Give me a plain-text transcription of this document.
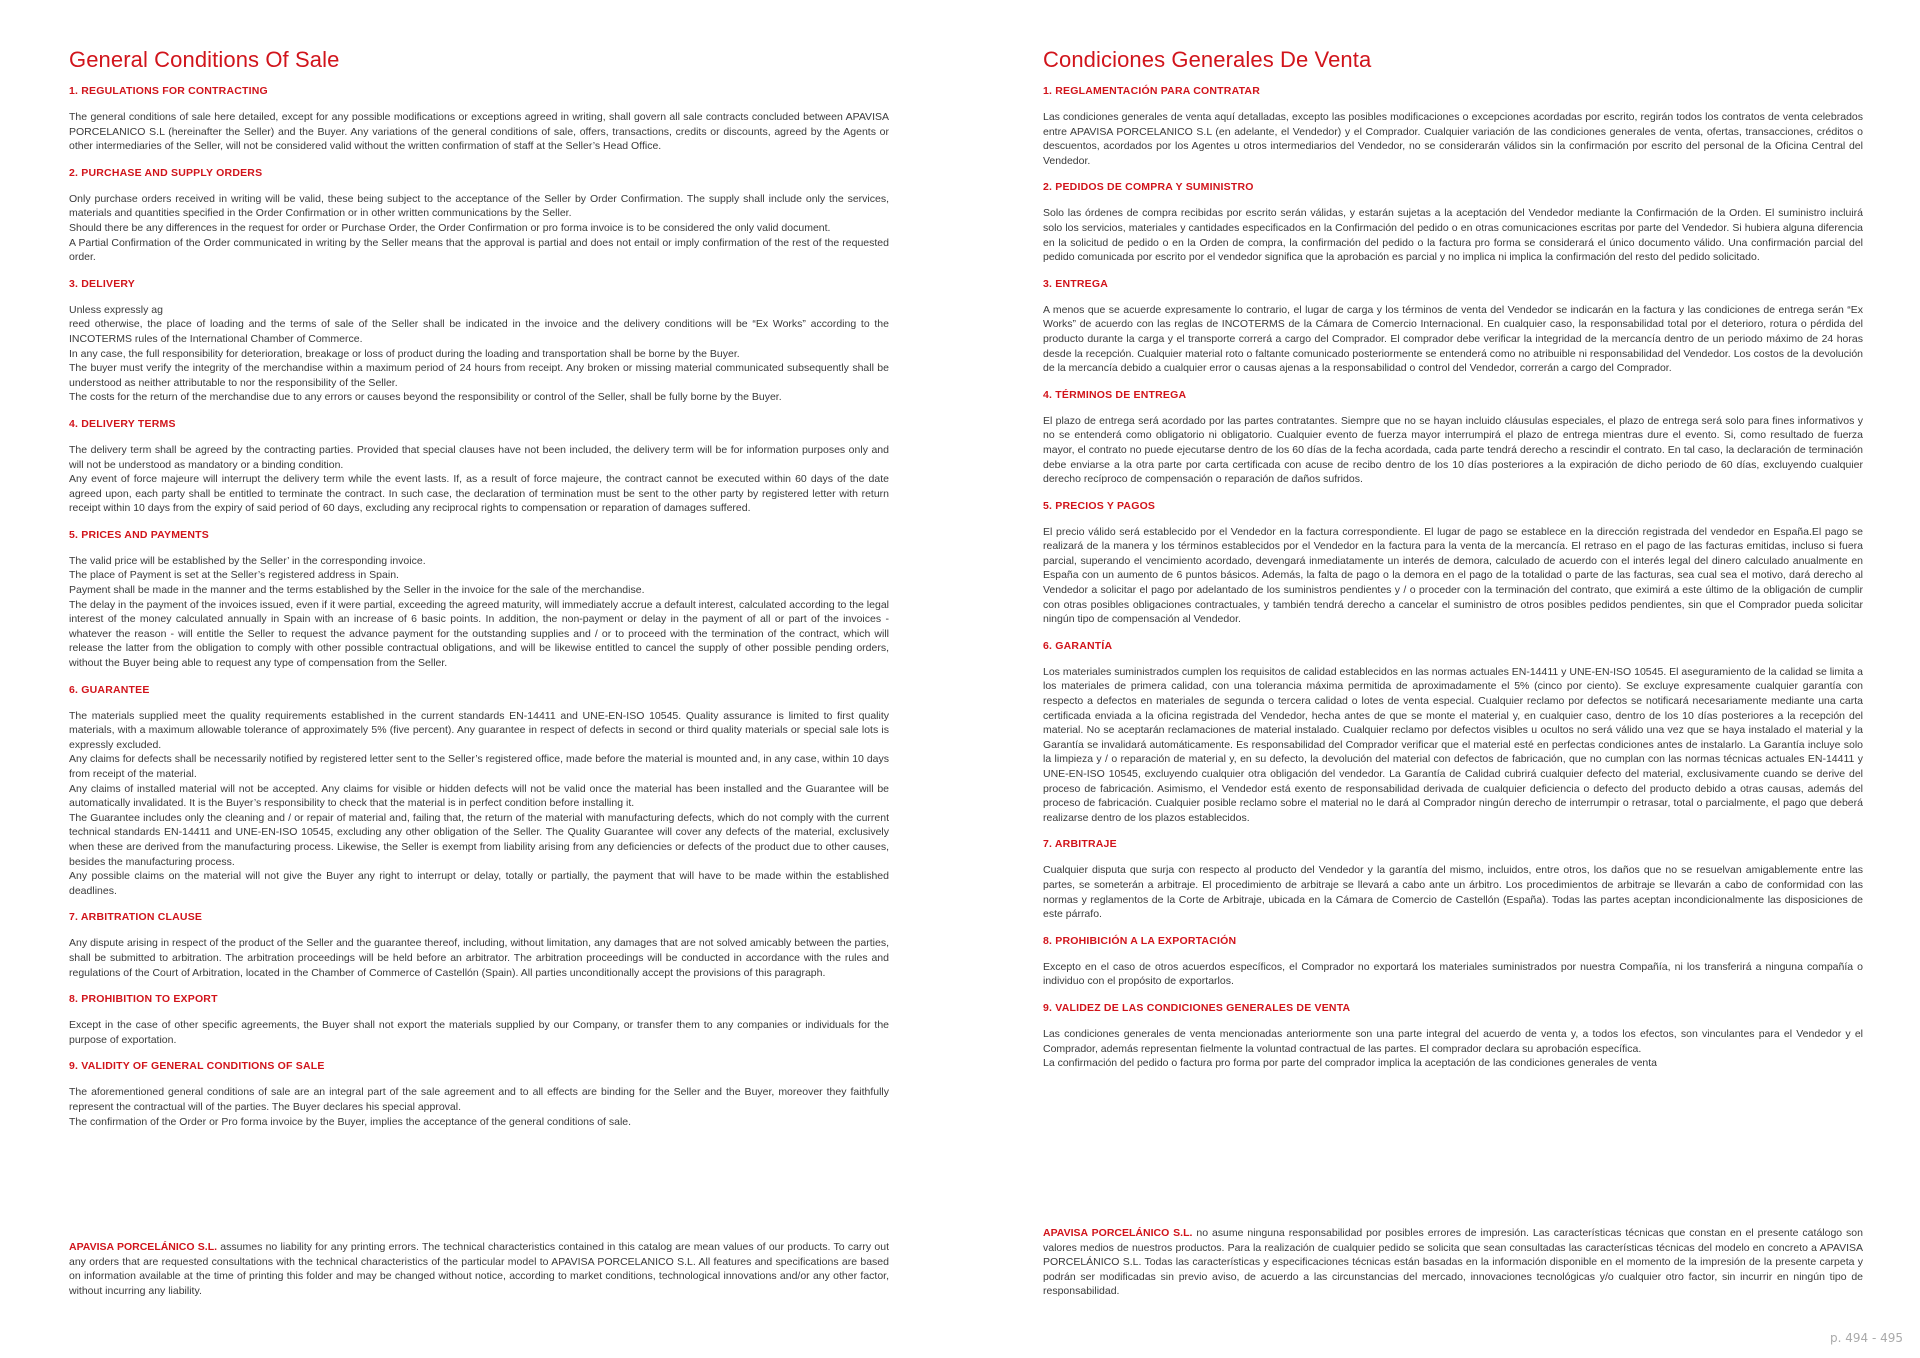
General Conditions Of Sale
1. REGULATIONS FOR CONTRACTING

The general conditions of sale here detailed, except for any possible modifications or exceptions agreed in writing, shall govern all sale contracts concluded between APAVISA PORCELANICO S.L (hereinafter the Seller) and the Buyer. Any variations of the general conditions of sale, offers, transactions, credits or discounts, agreed by the Agents or other intermediaries of the Seller, will not be considered valid without the written confirmation of staff at the Seller’s Head Office.

2. PURCHASE AND SUPPLY ORDERS

Only purchase orders received in writing will be valid, these being subject to the acceptance of the Seller by Order Confirmation. The supply shall include only the services, materials and quantities specified in the Order Confirmation or in other written communications by the Seller.

Should there be any differences in the request for order or Purchase Order, the Order Confirmation or pro forma invoice is to be considered the only valid document.

A Partial Confirmation of the Order communicated in writing by the Seller means that the approval is partial and does not entail or imply confirmation of the rest of the requested order.

3. DELIVERY

Unless expressly ag

reed otherwise, the place of loading and the terms of sale of the Seller shall be indicated in the invoice and the delivery conditions will be “Ex Works” according to the INCOTERMS rules of the International Chamber of Commerce.

In any case, the full responsibility for deterioration, breakage or loss of product during the loading and transportation shall be borne by the Buyer.

The buyer must verify the integrity of the merchandise within a maximum period of 24 hours from receipt. Any broken or missing material communicated subsequently shall be understood as neither attributable to nor the responsibility of the Seller.

The costs for the return of the merchandise due to any errors or causes beyond the responsibility or control of the Seller, shall be fully borne by the Buyer.

4. DELIVERY TERMS

The delivery term shall be agreed by the contracting parties. Provided that special clauses have not been included, the delivery term will be for information purposes only and will not be understood as mandatory or a binding condition.

Any event of force majeure will interrupt the delivery term while the event lasts. If, as a result of force majeure, the contract cannot be executed within 60 days of the date agreed upon, each party shall be entitled to terminate the contract. In such case, the declaration of termination must be sent to the other party by registered letter with return receipt within 10 days from the expiry of said period of 60 days, excluding any reciprocal rights to compensation or reparation of damages suffered.

5. PRICES AND PAYMENTS

The valid price will be established by the Seller’ in the corresponding invoice.

The place of Payment is set at the Seller’s registered address in Spain.

Payment shall be made in the manner and the terms established by the Seller in the invoice for the sale of the merchandise.

The delay in the payment of the invoices issued, even if it were partial, exceeding the agreed maturity, will immediately accrue a default interest, calculated according to the legal interest of the money calculated annually in Spain with an increase of 6 basic points. In addition, the non-payment or delay in the payment of all or part of the invoices - whatever the reason - will entitle the Seller to request the advance payment for the outstanding supplies and / or to proceed with the termination of the contract, which will release the latter from the obligation to comply with other possible contractual obligations, and will be likewise entitled to cancel the supply of other possible pending orders, without the Buyer being able to request any type of compensation from the Seller.

6. GUARANTEE

The materials supplied meet the quality requirements established in the current standards EN-14411 and UNE-EN-ISO 10545. Quality assurance is limited to first quality materials, with a maximum allowable tolerance of approximately 5% (five percent). Any guarantee in respect of defects in second or third quality materials or special sale lots is expressly excluded.

Any claims for defects shall be necessarily notified by registered letter sent to the Seller’s registered office, made before the material is mounted and, in any case, within 10 days from receipt of the material.

Any claims of installed material will not be accepted. Any claims for visible or hidden defects will not be valid once the material has been installed and the Guarantee will be automatically invalidated. It is the Buyer’s responsibility to check that the material is in perfect condition before installing it.

The Guarantee includes only the cleaning and / or repair of material and, failing that, the return of the material with manufacturing defects, which do not comply with the current technical standards EN-14411 and UNE-EN-ISO 10545, excluding any other obligation of the Seller. The Quality Guarantee will cover any defects of the material, exclusively when these are derived from the manufacturing process. Likewise, the Seller is exempt from liability arising from any deficiencies or defects of the product due to other causes, besides the manufacturing process.

Any possible claims on the material will not give the Buyer any right to interrupt or delay, totally or partially, the payment that will have to be made within the established deadlines.

7. ARBITRATION CLAUSE

Any dispute arising in respect of the product of the Seller and the guarantee thereof, including, without limitation, any damages that are not solved amicably between the parties, shall be submitted to arbitration. The arbitration proceedings will be held before an arbitrator. The arbitration proceedings will be conducted in accordance with the rules and regulations of the Court of Arbitration, located in the Chamber of Commerce of Castellón (Spain). All parties unconditionally accept the provisions of this paragraph.

8. PROHIBITION TO EXPORT

Except in the case of other specific agreements, the Buyer shall not export the materials supplied by our Company, or transfer them to any companies or individuals for the purpose of exportation.

9. VALIDITY OF GENERAL CONDITIONS OF SALE

The aforementioned general conditions of sale are an integral part of the sale agreement and to all effects are binding for the Seller and the Buyer, moreover they faithfully represent the contractual will of the parties. The Buyer declares his special approval.

The confirmation of the Order or Pro forma invoice by the Buyer, implies the acceptance of the general conditions of sale.

Condiciones Generales De Venta
1. REGLAMENTACIÓN PARA CONTRATAR

Las condiciones generales de venta aquí detalladas, excepto las posibles modificaciones o excepciones acordadas por escrito, regirán todos los contratos de venta celebrados entre APAVISA PORCELANICO S.L (en adelante, el Vendedor) y el Comprador. Cualquier variación de las condiciones generales de venta, ofertas, transacciones, créditos o descuentos, acordados por los Agentes u otros intermediarios del Vendedor, no se considerarán válidos sin la confirmación por escrito del personal de la Oficina Central del Vendedor.

2. PEDIDOS DE COMPRA Y SUMINISTRO

Solo las órdenes de compra recibidas por escrito serán válidas, y estarán sujetas a la aceptación del Vendedor mediante la Confirmación de la Orden. El suministro incluirá solo los servicios, materiales y cantidades especificados en la Confirmación del pedido o en otras comunicaciones escritas por parte del Vendedor. Si hubiera alguna diferencia en la solicitud de pedido o en la Orden de compra, la confirmación del pedido o la factura pro forma se considerará el único documento válido. Una confirmación parcial del pedido comunicada por escrito por el vendedor significa que la aprobación es parcial y no implica ni implica la confirmación del resto del pedido solicitado.

3. ENTREGA

A menos que se acuerde expresamente lo contrario, el lugar de carga y los términos de venta del Vendedor se indicarán en la factura y las condiciones de entrega serán “Ex Works” de acuerdo con las reglas de INCOTERMS de la Cámara de Comercio Internacional. En cualquier caso, la responsabilidad total por el deterioro, rotura o pérdida del producto durante la carga y el transporte correrá a cargo del Comprador. El comprador debe verificar la integridad de la mercancía dentro de un periodo máximo de 24 horas desde la recepción. Cualquier material roto o faltante comunicado posteriormente se entenderá como no atribuible ni responsabilidad del Vendedor. Los costos de la devolución de la mercancía debido a cualquier error o causas ajenas a la responsabilidad o control del Vendedor, correrán a cargo del Comprador.

4. TÉRMINOS DE ENTREGA

El plazo de entrega será acordado por las partes contratantes. Siempre que no se hayan incluido cláusulas especiales, el plazo de entrega será solo para fines informativos y no se entenderá como obligatorio ni obligatorio. Cualquier evento de fuerza mayor interrumpirá el plazo de entrega mientras dure el evento. Si, como resultado de fuerza mayor, el contrato no puede ejecutarse dentro de los 60 días de la fecha acordada, cada parte tendrá derecho a rescindir el contrato. En tal caso, la declaración de terminación debe enviarse a la otra parte por carta certificada con acuse de recibo dentro de los 10 días posteriores a la expiración de dicho periodo de 60 días, excluyendo cualquier derecho recíproco de compensación o reparación de daños sufridos.

5. PRECIOS Y PAGOS

El precio válido será establecido por el Vendedor en la factura correspondiente. El lugar de pago se establece en la dirección registrada del vendedor en España.El pago se realizará de la manera y los términos establecidos por el Vendedor en la factura para la venta de la mercancía. El retraso en el pago de las facturas emitidas, incluso si fuera parcial, superando el vencimiento acordado, devengará inmediatamente un interés de demora, calculado de acuerdo con el interés legal del dinero calculado anualmente en España con un aumento de 6 puntos básicos. Además, la falta de pago o la demora en el pago de la totalidad o parte de las facturas, sea cual sea el motivo, dará derecho al Vendedor a solicitar el pago por adelantado de los suministros pendientes y / o proceder con la terminación del contrato, que eximirá a este último de la obligación de cumplir con otras posibles obligaciones contractuales, y también tendrá derecho a cancelar el suministro de otros posibles pedidos pendientes, sin que el Comprador pueda solicitar ningún tipo de compensación al Vendedor.

6. GARANTÍA

Los materiales suministrados cumplen los requisitos de calidad establecidos en las normas actuales EN-14411 y UNE-EN-ISO 10545. El aseguramiento de la calidad se limita a los materiales de primera calidad, con una tolerancia máxima permitida de aproximadamente el 5% (cinco por ciento). Se excluye expresamente cualquier garantía con respecto a defectos en materiales de segunda o tercera calidad o lotes de venta especial. Cualquier reclamo por defectos se notificará necesariamente mediante una carta certificada enviada a la oficina registrada del Vendedor, hecha antes de que se monte el material y, en cualquier caso, dentro de los 10 días posteriores a la recepción del material. No se aceptarán reclamaciones de material instalado. Cualquier reclamo por defectos visibles u ocultos no será válido una vez que se haya instalado el material y la Garantía se invalidará automáticamente. Es responsabilidad del Comprador verificar que el material esté en perfectas condiciones antes de instalarlo. La Garantía incluye solo la limpieza y / o reparación de material y, en su defecto, la devolución del material con defectos de fabricación, que no cumplan con las normas técnicas actuales EN-14411 y UNE-EN-ISO 10545, excluyendo cualquier otra obligación del vendedor. La Garantía de Calidad cubrirá cualquier defecto del material, exclusivamente cuando se derive del proceso de fabricación. Asimismo, el Vendedor está exento de responsabilidad derivada de cualquier deficiencia o defecto del producto debido a otras causas, además del proceso de fabricación. Cualquier posible reclamo sobre el material no le dará al Comprador ningún derecho de interrumpir o retrasar, total o parcialmente, el pago que deberá realizarse dentro de los plazos establecidos.

7. ARBITRAJE

Cualquier disputa que surja con respecto al producto del Vendedor y la garantía del mismo, incluidos, entre otros, los daños que no se resuelvan amigablemente entre las partes, se someterán a arbitraje. El procedimiento de arbitraje se llevará a cabo ante un árbitro. Los procedimientos de arbitraje se llevarán a cabo de conformidad con las normas y reglamentos de la Corte de Arbitraje, ubicada en la Cámara de Comercio de Castellón (España). Todas las partes aceptan incondicionalmente las disposiciones de este párrafo.

8. PROHIBICIÓN A LA EXPORTACIÓN

Excepto en el caso de otros acuerdos específicos, el Comprador no exportará los materiales suministrados por nuestra Compañía, ni los transferirá a ninguna compañía o individuo con el propósito de exportarlos.

9. VALIDEZ DE LAS CONDICIONES GENERALES DE VENTA

Las condiciones generales de venta mencionadas anteriormente son una parte integral del acuerdo de venta y, a todos los efectos, son vinculantes para el Vendedor y el Comprador, además representan fielmente la voluntad contractual de las partes. El comprador declara su aprobación específica.

La confirmación del pedido o factura pro forma por parte del comprador implica la aceptación de las condiciones generales de venta

APAVISA PORCELÁNICO S.L. assumes no liability for any printing errors. The technical characteristics contained in this catalog are mean values of our products. To carry out any orders that are requested consultations with the technical characteristics of the particular model to APAVISA PORCELANICO S.L. All features and specifications are based on information available at the time of printing this folder and may be changed without notice, according to market conditions, technological innovations and/or any other factor, without incurring any liability.
APAVISA PORCELÁNICO S.L. no asume ninguna responsabilidad por posibles errores de impresión. Las características técnicas que constan en el presente catálogo son valores medios de nuestros productos. Para la realización de cualquier pedido se solicita que sean consultadas las características técnicas del modelo en concreto a APAVISA PORCELÁNICO S.L. Todas las características y especificaciones técnicas están basadas en la información disponible en el momento de la impresión de la presente carpeta y podrán ser modificadas sin previo aviso, de acuerdo a las circunstancias del mercado, innovaciones tecnológicas y/o cualquier otro factor, sin incurrir en ningún tipo de responsabilidad.
p. 494 - 495
